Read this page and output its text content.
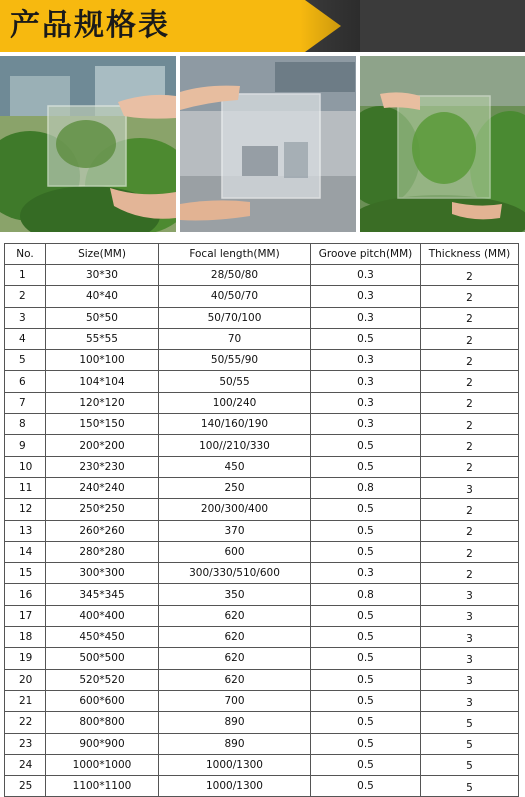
产品规格表
No.	Size(MM)	Focal length(MM)	Groove pitch(MM)	Thickness (MM)
1	30*30	28/50/80	0.3	2
2	40*40	40/50/70	0.3	2
3	50*50	50/70/100	0.3	2
4	55*55	70	0.5	2
5	100*100	50/55/90	0.3	2
6	104*104	50/55	0.3	2
7	120*120	100/240	0.3	2
8	150*150	140/160/190	0.3	2
9	200*200	100//210/330	0.5	2
10	230*230	450	0.5	2
11	240*240	250	0.8	3
12	250*250	200/300/400	0.5	2
13	260*260	370	0.5	2
14	280*280	600	0.5	2
15	300*300	300/330/510/600	0.3	2
16	345*345	350	0.8	3
17	400*400	620	0.5	3
18	450*450	620	0.5	3
19	500*500	620	0.5	3
20	520*520	620	0.5	3
21	600*600	700	0.5	3
22	800*800	890	0.5	5
23	900*900	890	0.5	5
24	1000*1000	1000/1300	0.5	5
25	1100*1100	1000/1300	0.5	5
